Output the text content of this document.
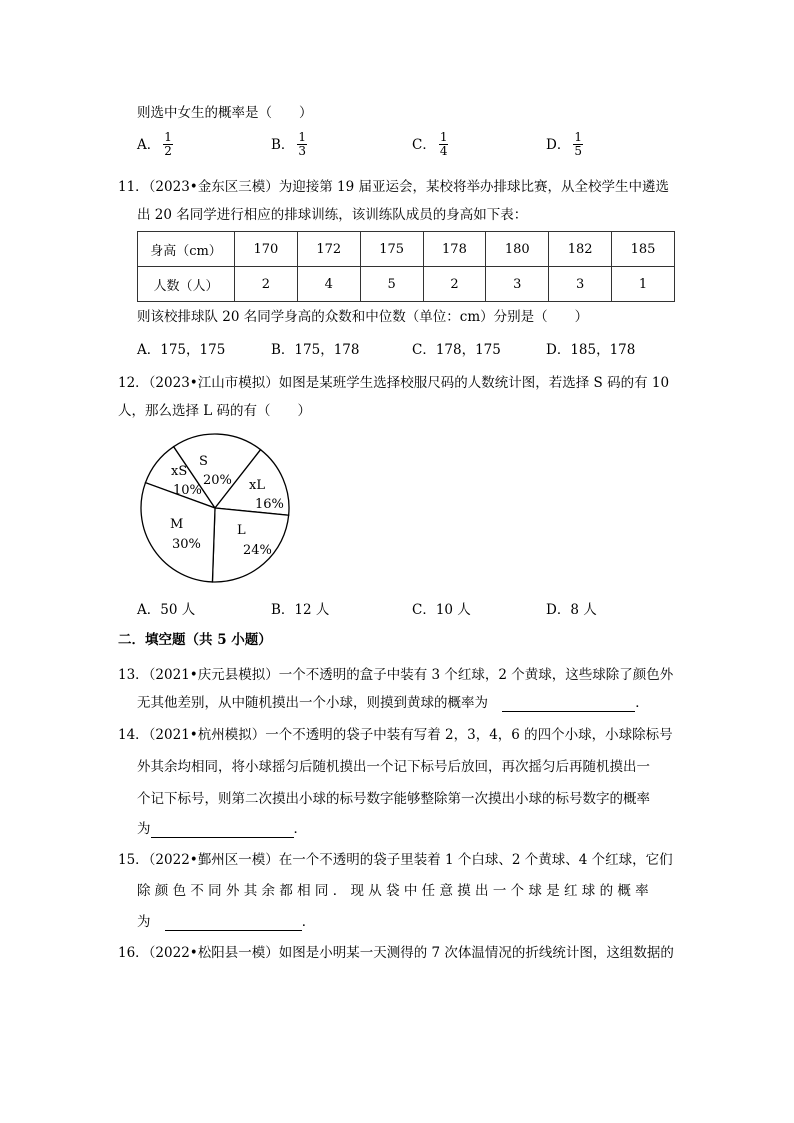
则选中女生的概率是（　　）
A． $\frac{1}{2}$	B． $\frac{1}{3}$	C． $\frac{1}{4}$	D． $\frac{1}{5}$
11．（2023•金东区三模）为迎接第 19 届亚运会，某校将举办排球比赛，从全校学生中遴选
出 20 名同学进行相应的排球训练，该训练队成员的身高如下表：
身高（cm）	170	172	175	178	180	182	185
人数（人）	2	4	5	2	3	3	1
则该校排球队 20 名同学身高的众数和中位数（单位：cm）分别是（　　）
A．175，175	B．175，178	C．178，175	D．185，178
12．（2023•江山市模拟）如图是某班学生选择校服尺码的人数统计图，若选择 S 码的有 10
人，那么选择 L 码的有（　　）
xS
10%
S
20% xL
16%
L
24%
M
30%
A．50 人	B．12 人	C．10 人	D．8 人
二．填空题（共 5 小题）
13．（2021•庆元县模拟）一个不透明的盒子中装有 3 个红球，2 个黄球，这些球除了颜色外
无其他差别，从中随机摸出一个小球，则摸到黄球的概率为	．
14．（2021•杭州模拟）一个不透明的袋子中装有写着 2，3，4，6 的四个小球，小球除标号
外其余均相同，将小球摇匀后随机摸出一个记下标号后放回，再次摇匀后再随机摸出一
个记下标号，则第二次摸出小球的标号数字能够整除第一次摸出小球的标号数字的概率
为	．
15．（2022•鄞州区一模）在一个不透明的袋子里装着 1 个白球、2 个黄球、4 个红球，它们
除 颜 色 不 同 外 其 余 都 相 同 ． 现 从 袋 中 任 意 摸 出 一 个 球 是 红 球 的 概 率
为	．
16．（2022•松阳县一模）如图是小明某一天测得的 7 次体温情况的折线统计图，这组数据的
